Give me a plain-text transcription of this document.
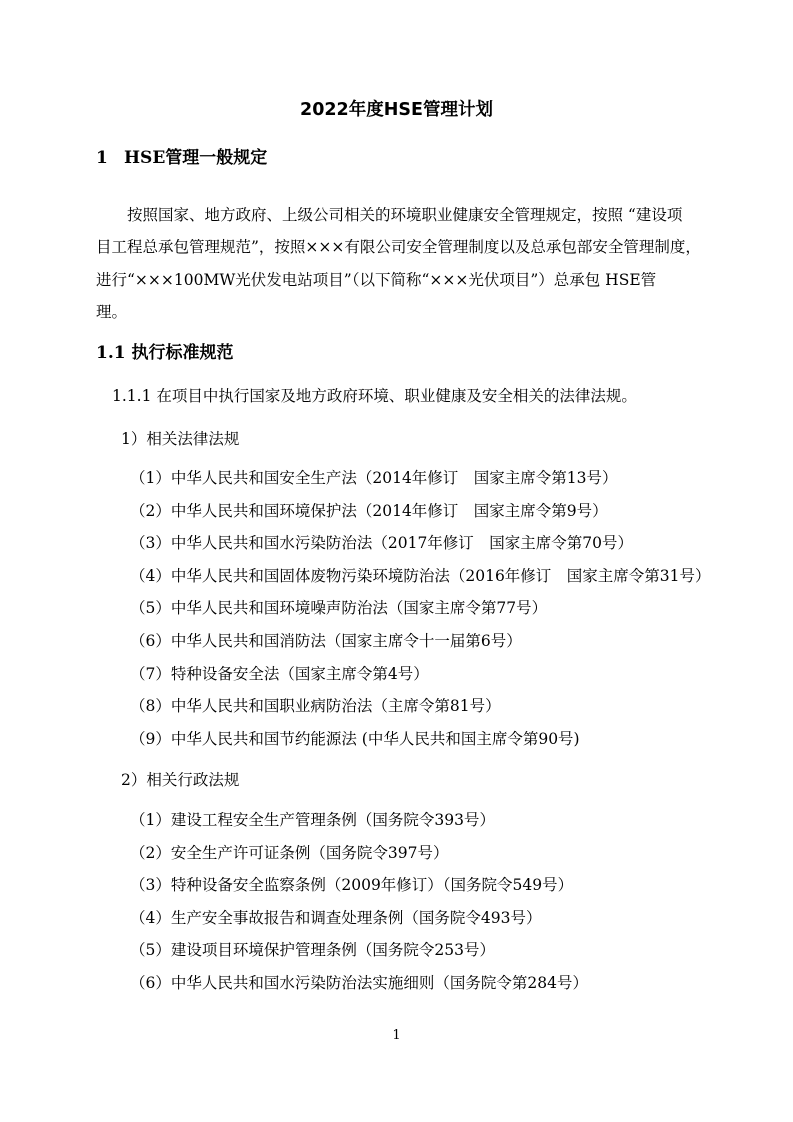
2022年度HSE管理计划
1 HSE管理一般规定
按照国家、地方政府、上级公司相关的环境职业健康安全管理规定，按照 “建设项
目工程总承包管理规范”，按照×××有限公司安全管理制度以及总承包部安全管理制度，
进行“×××100MW光伏发电站项目”（以下简称“×××光伏项目”）总承包 HSE管
理。
1.1 执行标准规范
1.1.1 在项目中执行国家及地方政府环境、职业健康及安全相关的法律法规。
1）相关法律法规
（1）中华人民共和国安全生产法（2014年修订　国家主席令第13号）
（2）中华人民共和国环境保护法（2014年修订　国家主席令第9号）
（3）中华人民共和国水污染防治法（2017年修订　国家主席令第70号）
（4）中华人民共和国固体废物污染环境防治法（2016年修订　国家主席令第31号）
（5）中华人民共和国环境噪声防治法（国家主席令第77号）
（6）中华人民共和国消防法（国家主席令十一届第6号）
（7）特种设备安全法（国家主席令第4号）
（8）中华人民共和国职业病防治法（主席令第81号）
（9）中华人民共和国节约能源法 (中华人民共和国主席令第90号)
2）相关行政法规
（1）建设工程安全生产管理条例（国务院令393号）
（2）安全生产许可证条例（国务院令397号）
（3）特种设备安全监察条例（2009年修订）（国务院令549号）
（4）生产安全事故报告和调查处理条例（国务院令493号）
（5）建设项目环境保护管理条例（国务院令253号）
（6）中华人民共和国水污染防治法实施细则（国务院令第284号）
1
